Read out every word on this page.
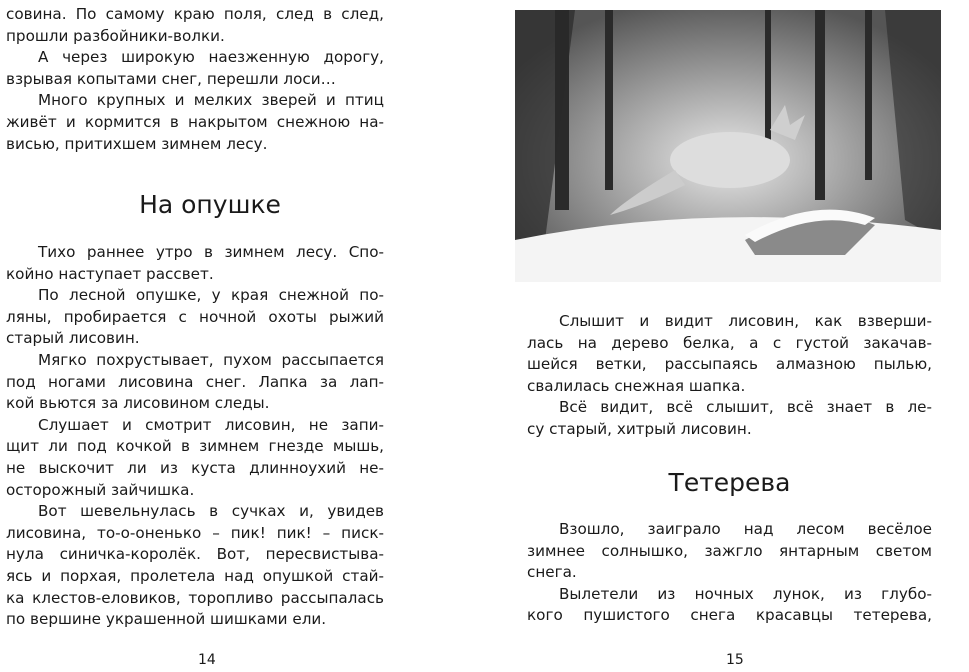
совина. По самому краю поля, след в след,
прошли разбойники-волки.
А через широкую наезженную дорогу,
взрывая копытами снег, перешли лоси…
Много крупных и мелких зверей и птиц
живёт и кормится в накрытом снежною на-
висью, притихшем зимнем лесу.
На опушке
Тихо раннее утро в зимнем лесу. Спо-
койно наступает рассвет.
По лесной опушке, у края снежной по-
ляны, пробирается с ночной охоты рыжий
старый лисовин.
Мягко похрустывает, пухом рассыпается
под ногами лисовина снег. Лапка за лап-
кой вьются за лисовином следы.
Слушает и смотрит лисовин, не запи-
щит ли под кочкой в зимнем гнезде мышь,
не выскочит ли из куста длинноухий не-
осторожный зайчишка.
Вот шевельнулась в сучках и, увидев
лисовина, то-о-оненько – пик! пик! – писк-
нула синичка-королёк. Вот, пересвистыва-
ясь и порхая, пролетела над опушкой стай-
ка клестов-еловиков, торопливо рассыпалась
по вершине украшенной шишками ели.
14
Слышит и видит лисовин, как взверши-
лась на дерево белка, а с густой закачав-
шейся ветки, рассыпаясь алмазною пылью,
свалилась снежная шапка.
Всё видит, всё слышит, всё знает в ле-
су старый, хитрый лисовин.
Тетерева
Взошло, заиграло над лесом весёлое
зимнее солнышко, зажгло янтарным светом
снега.
Вылетели из ночных лунок, из глубо-
кого пушистого снега красавцы тетерева,
15
